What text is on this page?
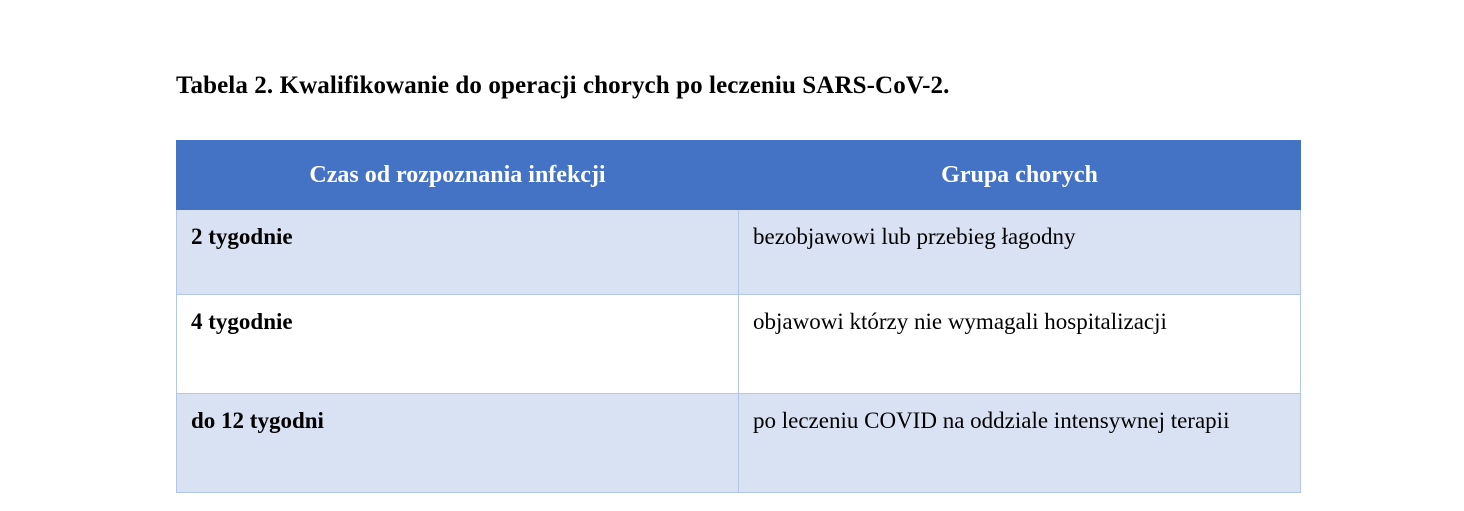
Tabela 2. Kwalifikowanie do operacji chorych po leczeniu SARS-CoV-2.
Czas od rozpoznania infekcji	Grupa chorych
2 tygodnie	bezobjawowi lub przebieg łagodny
4 tygodnie	objawowi którzy nie wymagali hospitalizacji
do 12 tygodni	po leczeniu COVID na oddziale intensywnej terapii
